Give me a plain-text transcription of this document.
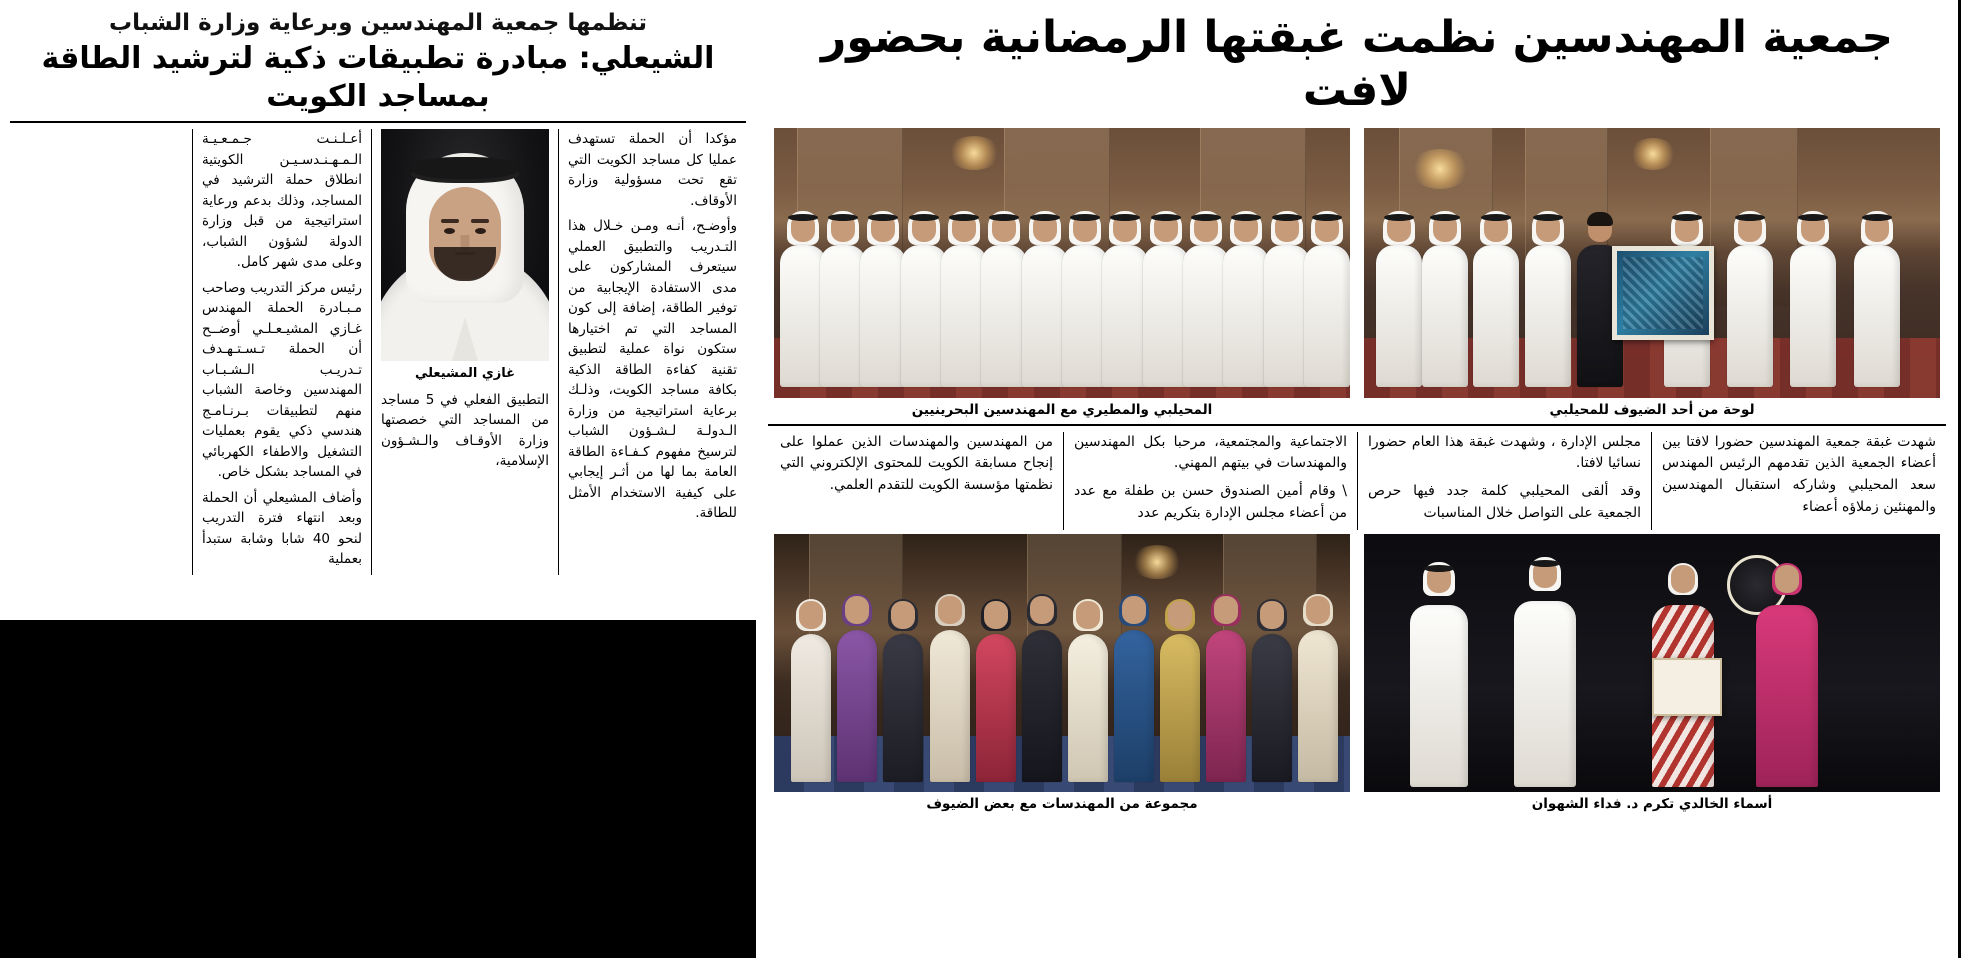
تنظمها جمعية المهندسين وبرعاية وزارة الشباب
الشيعلي: مبادرة تطبيقات ذكية لترشيد الطاقة بمساجد الكويت

مؤكدا أن الحملة تستهدف عمليا كل مساجد الكويت التي تقع تحت مسؤولية وزارة الأوقاف.

وأوضـح، أنـه ومـن خـلال هذا التـدريب والتطبيق العملي سيتعرف المشاركون على مدى الاستفادة الإيجابية من توفير الطاقة، إضافة إلى كون المساجد التي تم اختيارها ستكون نواة عملية لتطبيق تقنية كفاءة الطاقة الذكية بكافة مساجد الكويت، وذلـك برعاية استراتيجية من وزارة الـدولـة لـشـؤون الشباب لترسيخ مفهوم كـفـاءة الطاقة العامة بما لها من أثـر إيجابي على كيفية الاستخدام الأمثل للطاقة.

غازي المشيعلي

التطبيق الفعلي في 5 مساجد من المساجد التي خصصتها وزارة الأوقـاف والـشـؤون الإسلامية،

أعـلـنـت جـمـعـيـة الـمـهـنـدسـيـن الكويتية انطلاق حملة الترشيد في المساجد، وذلك بدعم ورعاية استراتيجية من قبل وزارة الدولة لشؤون الشباب، وعلى مدى شهر كامل.

رئيس مركز التدريب وصاحب مـبـادرة الحملة المهندس غـازي المشيـعـلـي أوضــح أن الحملة تـسـتـهـدف تـدريـب الـشـبـاب المهندسين وخاصة الشباب منهم لتطبيقات بـرنـامـج هندسي ذكي يقوم بعمليات التشغيل والاطفاء الكهربائي في المساجد بشكل خاص.

وأضاف المشيعلي أن الحملة وبعد انتهاء فترة التدريب لنحو 40 شابا وشابة ستبدأ بعملية

جمعية المهندسين نظمت غبقتها الرمضانية بحضور لافت
لوحة من أحد الضيوف للمحيلبي
المحيلبي والمطيري مع المهندسين البحرينيين

شهدت غبقة جمعية المهندسين حضورا لافتا بين أعضاء الجمعية الذين تقدمهم الرئيس المهندس سعد المحيلبي وشاركه استقبال المهندسين والمهنئين زملاؤه أعضاء

مجلس الإدارة ، وشهدت غبقة هذا العام حضورا نسائيا لافتا.

وقد ألقى المحيلبي كلمة جدد فيها حرص الجمعية على التواصل خلال المناسبات

الاجتماعية والمجتمعية، مرحبا بكل المهندسين والمهندسات في بيتهم المهني.

\ وقام أمين الصندوق حسن بن طفلة مع عدد من أعضاء مجلس الإدارة بتكريم عدد

من المهندسين والمهندسات الذين عملوا على إنجاح مسابقة الكويت للمحتوى الإلكتروني التي نظمتها مؤسسة الكويت للتقدم العلمي.

أسماء الخالدي تكرم د. فداء الشهوان
مجموعة من المهندسات مع بعض الضيوف
